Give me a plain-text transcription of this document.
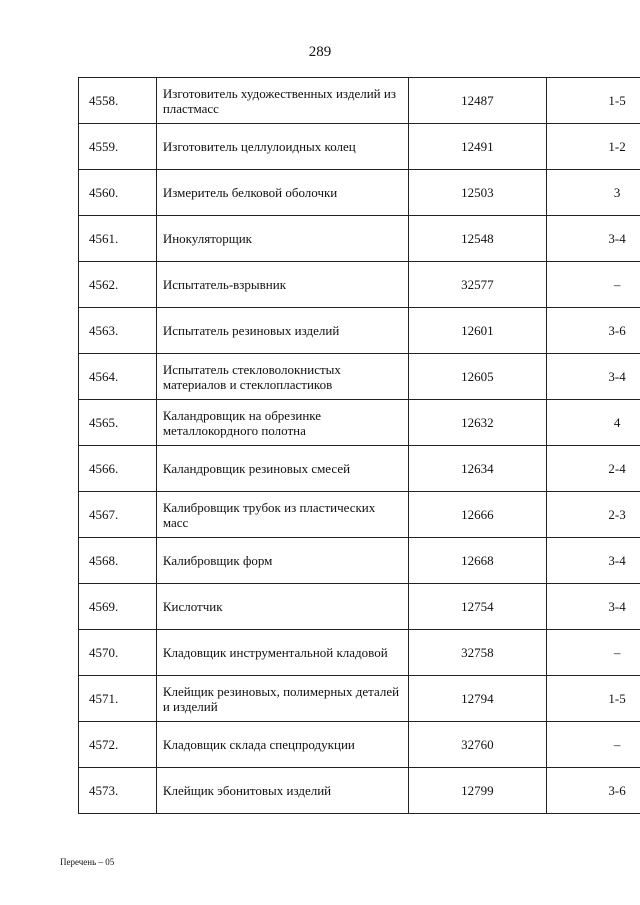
289
4558.	Изготовитель художественных изделий из пластмасс	12487	1-5
4559.	Изготовитель целлулоидных колец	12491	1-2
4560.	Измеритель белковой оболочки	12503	3
4561.	Инокуляторщик	12548	3-4
4562.	Испытатель-взрывник	32577	–
4563.	Испытатель резиновых изделий	12601	3-6
4564.	Испытатель стекловолокнистых материалов и стеклопластиков	12605	3-4
4565.	Каландровщик на обрезинке металлокордного полотна	12632	4
4566.	Каландровщик резиновых смесей	12634	2-4
4567.	Калибровщик трубок из пластических масс	12666	2-3
4568.	Калибровщик форм	12668	3-4
4569.	Кислотчик	12754	3-4
4570.	Кладовщик инструментальной кладовой	32758	–
4571.	Клейщик резиновых, полимерных деталей и изделий	12794	1-5
4572.	Кладовщик склада спецпродукции	32760	–
4573.	Клейщик эбонитовых изделий	12799	3-6
Перечень – 05
